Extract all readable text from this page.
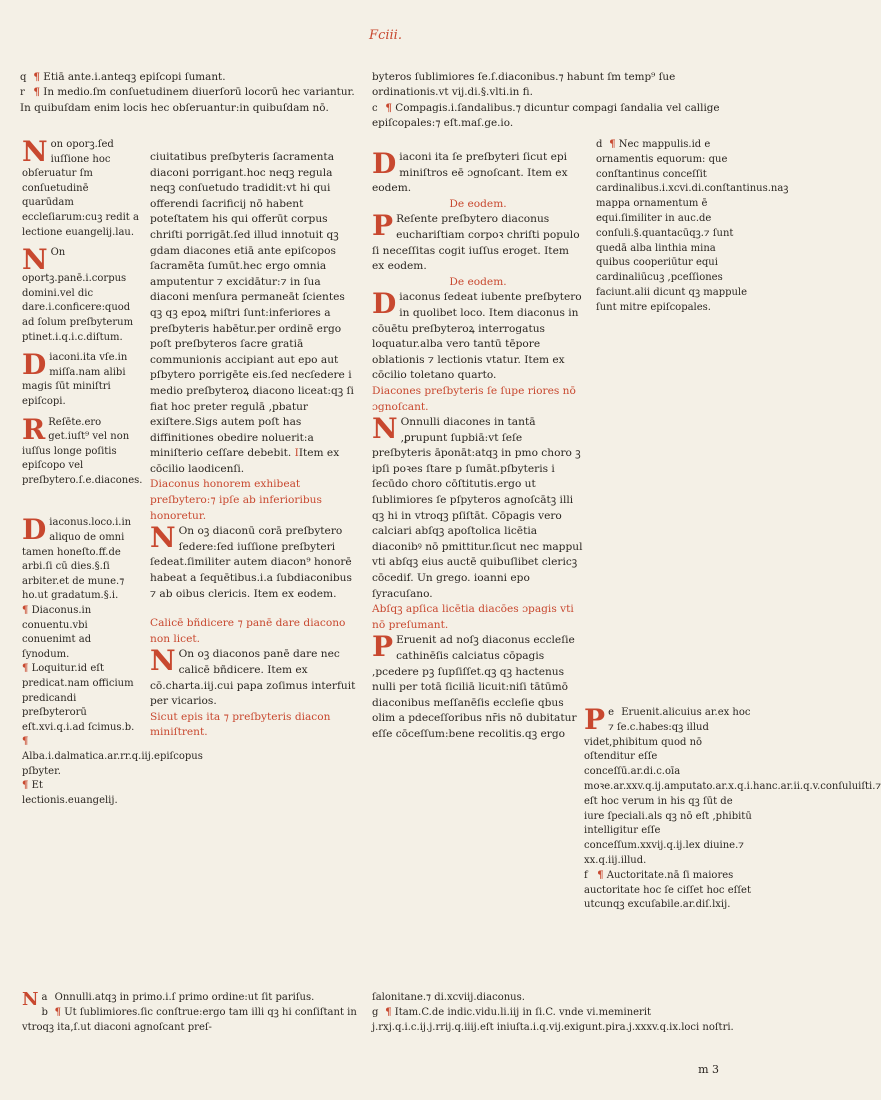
Fciii.

q ¶ Etiā ante.i.anteqꝫ epiſcopi ſumant.

r ¶ In medio.ſm conſuetudinem diuerſorū locorū hec variantur. In quibuſdam enim locis hec obſeruantur:in quibuſdam nō.

byteros ſublimiores ſe.ſ.diaconibus.⁊ habunt ſm temp⁹ ſue ordinationis.vt vij.di.§.vlti.in fi.

c ¶ Compagis.i.ſandalibus.⁊ dicuntur compagi ſandalia vel callige epiſcopales:⁊ eſt.maſ.ge.io.

Non oporꝫ.ſed iuſſione hoc obſeruatur ſm conſuetudinē quarūdam eccleſiarum:cuꝫ redit a lectione euangelij.lau.

N On oportꝫ.panē.i.corpus domini.vel dic dare.i.conficere:quod ad ſolum preſbyterum ptinet.i.q.i.c.diſtum.

Diaconi.ita vſe.in miſſa.nam alibi magis ſūt miniſtri epiſcopi.

R Reſēte.ero get.iuſt⁹ vel non iuſſus longe poſitis epiſcopo vel preſbytero.ſ.e.diacones.

Diaconus.loco.i.in aliquo de omni tamen honeſto.ff.de arbi.ſi cū dies.§.ſi arbiter.et de mune.⁊ ho.ut gradatum.§.i.

¶ Diaconus.in conuentu.vbi conuenimt ad ſynodum.

¶ Loquitur.id eſt predicat.nam officium predicandi preſbyterorū eſt.xvi.q.i.ad ſcimus.b.

¶ Alba.i.dalmatica.ar.rr.q.iij.epiſcopus pſbyter.

¶ Et lectionis.euangelij.

ciuitatibus preſbyteris ſacramenta diaconi porrigant.hoc neqꝫ regula neqꝫ conſuetudo tradidit:vt hi qui offerendi ſacrificij nō habent poteſtatem his qui offerūt corpus chriſti porrigāt.ſed illud innotuit qꝫ gdam diacones etiā ante epiſcopos ſacramēta ſumūt.hec ergo omnia amputentur ⁊ excidātur:⁊ in ſua diaconi menſura permaneāt ſcientes qꝫ qꝫ epoꝝ miſtri ſunt:inferiores a preſbyteris habētur.per ordinē ergo poſt preſbyteros ſacre gratiā communionis accipiant aut epo aut pſbytero porrigēte eis.ſed necſedere i medio preſbyteroꝝ diacono liceat:qꝫ ſi fiat hoc preter regulā ,pbatur exiſtere.Sigs autem poſt has diffinitiones obedire noluerit:a miniſterio ceſſare debebit. IItem ex cōcilio laodicenſi.

Diaconus honorem exhibeat preſbytero:⁊ ipſe ab inferioribus honoretur.

N On oꝫ diaconū corā preſbytero ſedere:ſed iuſſione preſbyteri ſedeat.ſimiliter autem diacon⁹ honorē habeat a ſequētibus.i.a ſubdiaconibus ⁊ ab oibus clericis. Item ex eodem.

Calicē bñdicere ⁊ panē dare diacono non licet.

N On oꝫ diaconos panē dare nec calicē bñdicere. Item ex cō.charta.iij.cui papa zoſimus interfuit per vicarios.

Sicut epis ita ⁊ preſbyteris diacon miniſtrent.

Diaconi ita ſe preſbyteri ſicut epi miniſtros eē ɔgnoſcant. Item ex eodem.

De eodem.

P Reſente preſbytero diaconus euchariſtiam corpoꝛ chriſti populo ſi neceſſitas cogit iuſſus eroget. Item ex eodem.

De eodem.

Diaconus ſedeat iubente preſbytero in quolibet loco. Item diaconus in cōuētu preſbyteroꝝ interrogatus loquatur.alba vero tantū tēpore oblationis ⁊ lectionis vtatur. Item ex cōcilio toletano quarto.

Diacones preſbyteris ſe ſupe riores nō ɔgnoſcant.

N Onnulli diacones in tantā ,ꝑrupunt ſupbiā:vt ſeſe preſbyteris āponāt:atqꝫ in pmo choro ꝫ ipſi poꝛes ſtare p ſumāt.pſbyteris i ſecūdo choro cōſtitutis.ergo ut ſublimiores ſe pſpyteros agnoſcātꝫ illi qꝫ hi in vtroqꝫ pſiſtāt. Cōpagis vero calciari abſqꝫ apoſtolica licētia diaconibꝰ nō pmittitur.ſicut nec mappul vti abſqꝫ eius auctē quibuſlibet clericꝫ cōcedif. Un grego. ioanni epo ſyracuſano.

Abſqꝫ apſica licētia diacōes ɔpagis vti nō preſumant.

P Eruenit ad noſꝫ diaconus eccleſie cathinēſis calciatus cōpagis ,pcedere pꝫ ſupſiſſet.qꝫ qꝫ hactenus nulli per totā ſiciliā licuit:niſi tātūmō diaconibus meſſanēſis eccleſie qbus olim a pdeceſſoribus nr̄is nō dubitatur eſſe cōceſſum:bene recolitis.qꝫ ergo

d ¶ Nec mappulis.id e ornamentis equorum: que conſtantinus conceſſit cardinalibus.i.xcvi.di.conſtantinus.naꝫ mappa ornamentum ē equi.ſimiliter in auc.de conſuli.§.quantacūqꝫ.⁊ ſunt quedā alba linthia mina quibus cooperiūtur equi cardinaliūcuꝫ ,pceſſiones faciunt.alii dicunt qꝫ mappule ſunt mitre epiſcopales.

e
P Eruenit.alicuius ar.ex hoc ⁊ ſe.c.habes:qꝫ illud videt,phibitum quod nō oſtenditur eſſe conceſſū.ar.di.c.oīa moꝛe.ar.xxv.q.ij.amputato.ar.x.q.i.hanc.ar.ii.q.v.conſuluiſti.⁊ eſt hoc verum in his qꝫ ſūt de iure ſpeciali.als qꝫ nō eſt ,phibitū intelligitur eſſe conceſſum.xxvij.q.ij.lex diuine.⁊ xx.q.iij.illud.

f ¶ Auctoritate.nā ſi maiores auctoritate hoc ſe ciſſet hoc eſſet utcunqꝫ excuſabile.ar.diſ.lxij.

a
N Onnulli.atqꝫ in primo.i.ſ primo ordine:ut ſit pariſus.

b ¶ Ut ſublimiores.ſic conſtrue:ergo tam illi qꝫ hi conſiſtant in vtroqꝫ ita,ſ.ut diaconi agnoſcant preſ-

ſalonitane.⁊ di.xcviij.diaconus.

g ¶ Itam.C.de indic.vidu.li.iij in ſi.C. vnde vi.meminerit j.rxj.q.i.c.ij.j.rrij.q.iiij.eſt iniuſta.i.q.vij.exigunt.pira.j.xxxv.q.ix.loci noſtri.

m 3
